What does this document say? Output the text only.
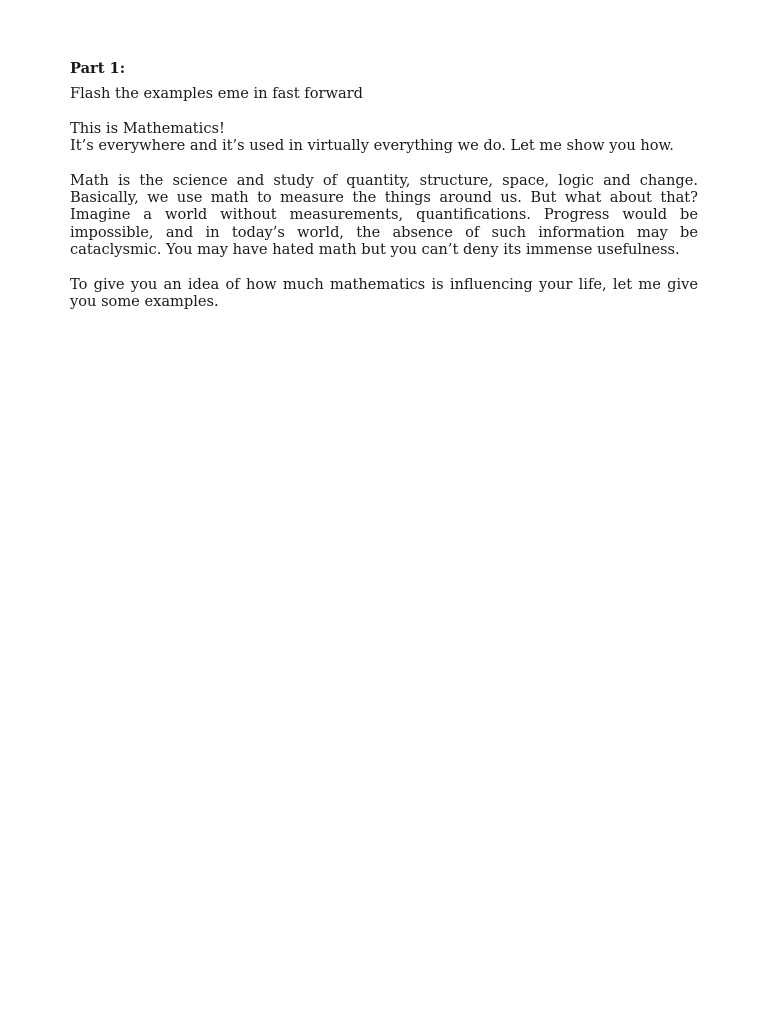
Part 1:

Flash the examples eme in fast forward

This is Mathematics!

It’s everywhere and it’s used in virtually everything we do. Let me show you how.

Math is the science and study of quantity, structure, space, logic and change. Basically, we use math to measure the things around us. But what about that? Imagine a world without measurements, quantifications. Progress would be impossible, and in today’s world, the absence of such information may be cataclysmic. You may have hated math but you can’t deny its immense usefulness.

To give you an idea of how much mathematics is influencing your life, let me give you some examples.
